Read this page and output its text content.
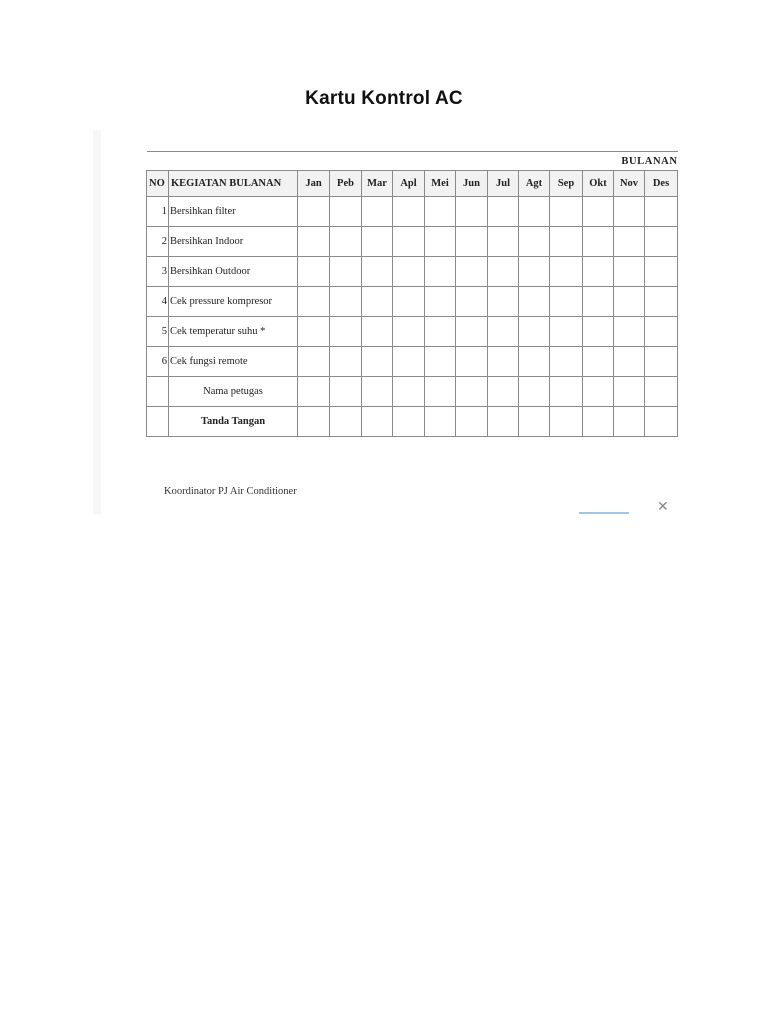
Kartu Kontrol AC
BULANAN													
NO	KEGIATAN BULANAN	Jan	Peb	Mar	Apl	Mei	Jun	Jul	Agt	Sep	Okt	Nov	Des
1	Bersihkan filter												
2	Bersihkan Indoor												
3	Bersihkan Outdoor												
4	Cek pressure kompresor												
5	Cek temperatur suhu *												
6	Cek fungsi remote												
	Nama petugas												
	Tanda Tangan												
Koordinator PJ Air Conditioner
✕
